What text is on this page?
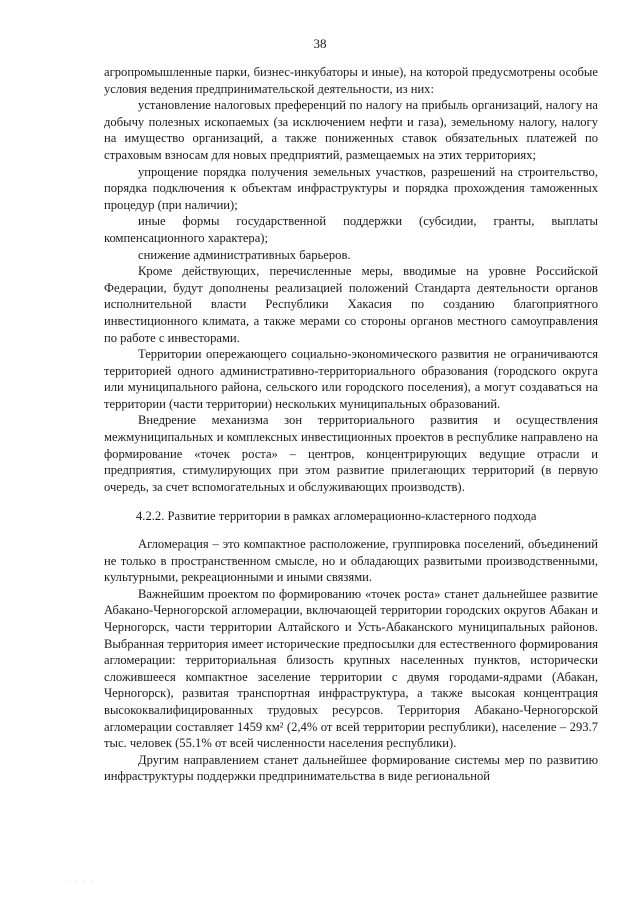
38

агропромышленные парки, бизнес-инкубаторы и иные), на которой предусмотрены особые условия ведения предпринимательской деятельности, из них:

установление налоговых преференций по налогу на прибыль организаций, налогу на добычу полезных ископаемых (за исключением нефти и газа), земельному налогу, налогу на имущество организаций, а также пониженных ставок обязательных платежей по страховым взносам для новых предприятий, размещаемых на этих территориях;

упрощение порядка получения земельных участков, разрешений на строительство, порядка подключения к объектам инфраструктуры и порядка прохождения таможенных процедур (при наличии);

иные формы государственной поддержки (субсидии, гранты, выплаты компенсационного характера);

снижение административных барьеров.

Кроме действующих, перечисленные меры, вводимые на уровне Российской Федерации, будут дополнены реализацией положений Стандарта деятельности органов исполнительной власти Республики Хакасия по созданию благоприятного инвестиционного климата, а также мерами со стороны органов местного самоуправления по работе с инвесторами.

Территории опережающего социально-экономического развития не ограничиваются территорией одного административно-территориального образования (городского округа или муниципального района, сельского или городского поселения), а могут создаваться на территории (части территории) нескольких муниципальных образований.

Внедрение механизма зон территориального развития и осуществления межмуниципальных и комплексных инвестиционных проектов в республике направлено на формирование «точек роста» – центров, концентрирующих ведущие отрасли и предприятия, стимулирующих при этом развитие прилегающих территорий (в первую очередь, за счет вспомогательных и обслуживающих производств).

4.2.2. Развитие территории в рамках агломерационно-кластерного подхода

Агломерация – это компактное расположение, группировка поселений, объединений не только в пространственном смысле, но и обладающих развитыми производственными, культурными, рекреационными и иными связями.

Важнейшим проектом по формированию «точек роста» станет дальнейшее развитие Абакано-Черногорской агломерации, включающей территории городских округов Абакан и Черногорск, части территории Алтайского и Усть-Абаканского муниципальных районов. Выбранная территория имеет исторические предпосылки для естественного формирования агломерации: территориальная близость крупных населенных пунктов, исторически сложившееся компактное заселение территории с двумя городами-ядрами (Абакан, Черногорск), развитая транспортная инфраструктура, а также высокая концентрация высококвалифицированных трудовых ресурсов. Территория Абакано-Черногорской агломерации составляет 1459 км² (2,4% от всей территории республики), население – 293.7 тыс. человек (55.1% от всей численности населения республики).

Другим направлением станет дальнейшее формирование системы мер по развитию инфраструктуры поддержки предпринимательства в виде региональной

· · · ·
